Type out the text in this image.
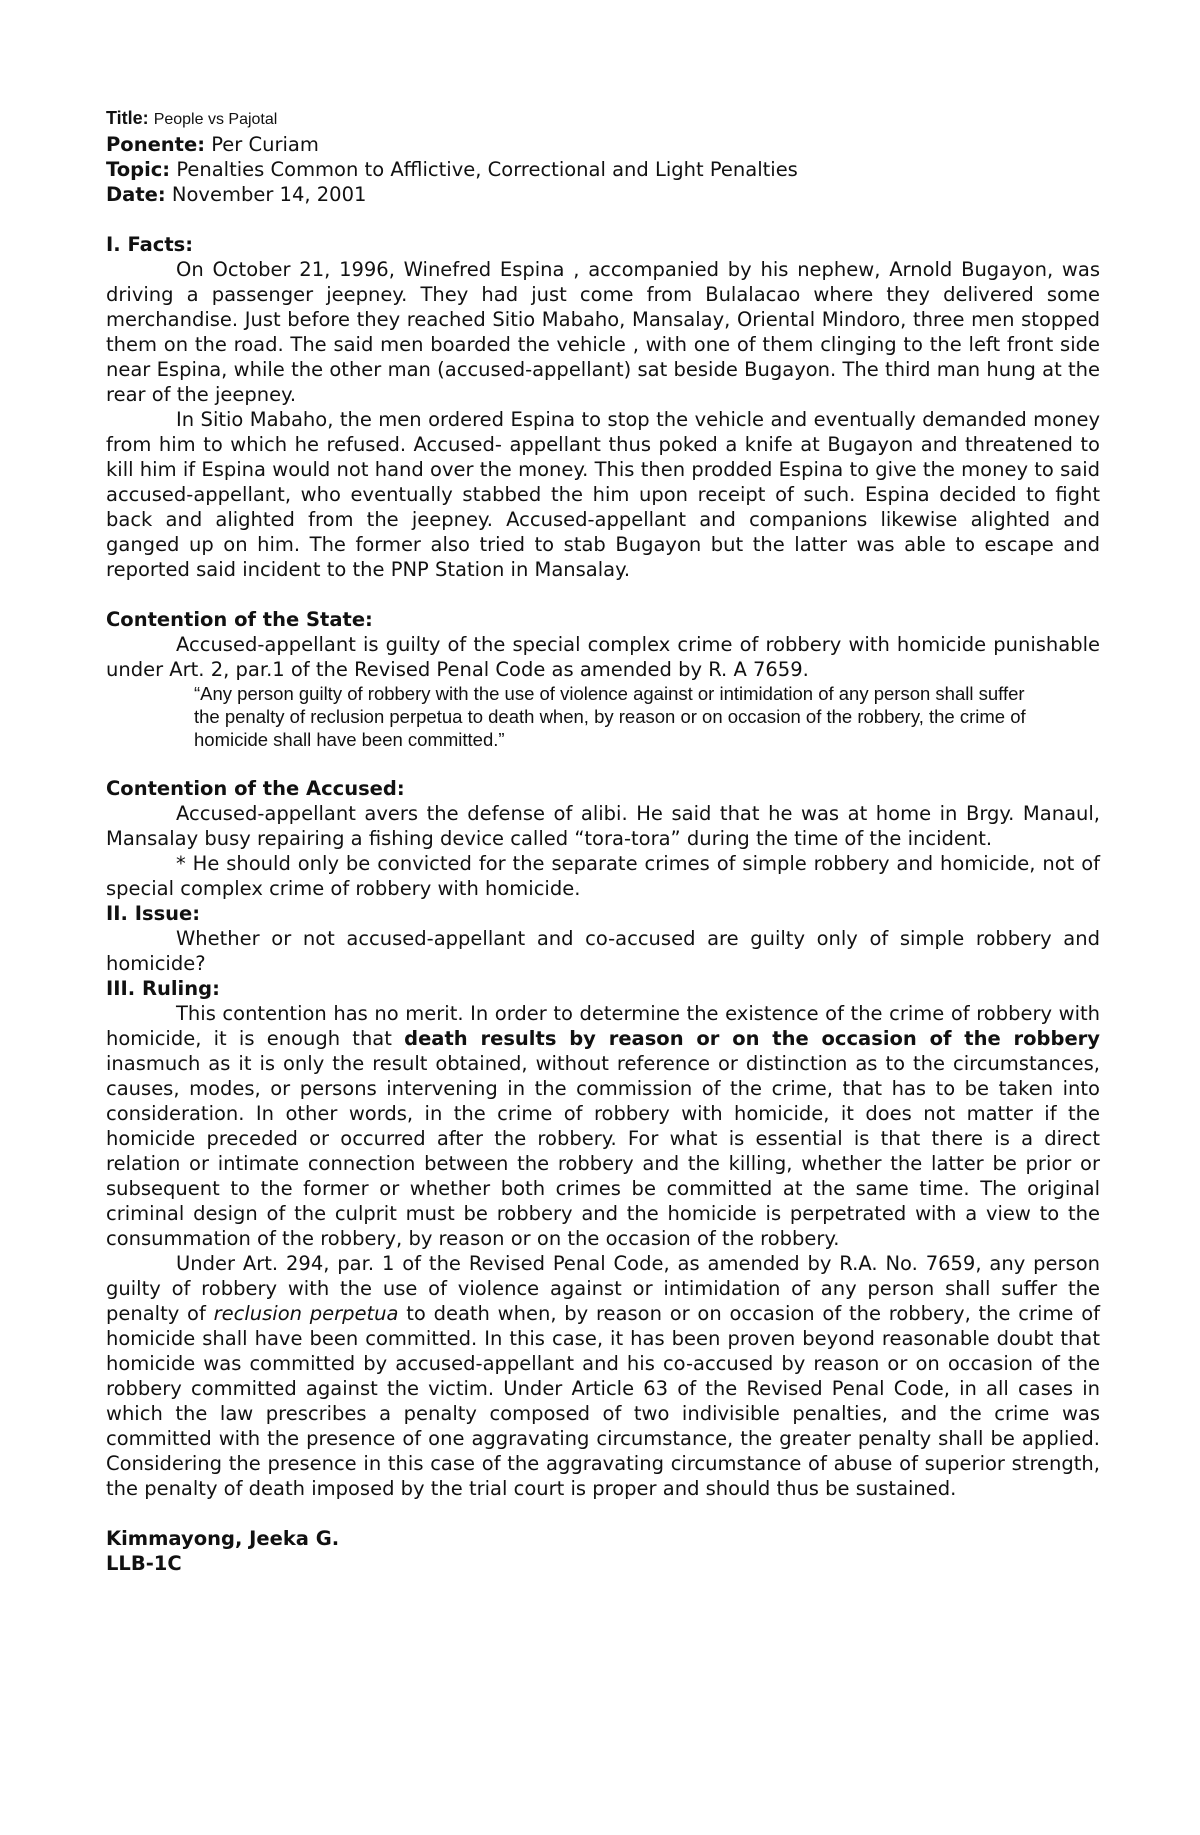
Title: People vs Pajotal

Ponente: Per Curiam

Topic: Penalties Common to Afflictive, Correctional and Light Penalties

Date: November 14, 2001

I. Facts:

On October 21, 1996, Winefred Espina , accompanied by his nephew, Arnold Bugayon, was driving a passenger jeepney. They had just come from Bulalacao where they delivered some merchandise. Just before they reached Sitio Mabaho, Mansalay, Oriental Mindoro, three men stopped them on the road. The said men boarded the vehicle , with one of them clinging to the left front side near Espina, while the other man (accused-appellant) sat beside Bugayon. The third man hung at the rear of the jeepney.

In Sitio Mabaho, the men ordered Espina to stop the vehicle and eventually demanded money from him to which he refused. Accused- appellant thus poked a knife at Bugayon and threatened to kill him if Espina would not hand over the money. This then prodded Espina to give the money to said accused-appellant, who eventually stabbed the him upon receipt of such. Espina decided to fight back and alighted from the jeepney. Accused-appellant and companions likewise alighted and ganged up on him. The former also tried to stab Bugayon but the latter was able to escape and reported said incident to the PNP Station in Mansalay.

Contention of the State:

Accused-appellant is guilty of the special complex crime of robbery with homicide punishable under Art. 2, par.1 of the Revised Penal Code as amended by R. A 7659.

“Any person guilty of robbery with the use of violence against or intimidation of any person shall suffer the penalty of reclusion perpetua to death when, by reason or on occasion of the robbery, the crime of homicide shall have been committed.”

Contention of the Accused:

Accused-appellant avers the defense of alibi. He said that he was at home in Brgy. Manaul, Mansalay busy repairing a fishing device called “tora-tora” during the time of the incident.

* He should only be convicted for the separate crimes of simple robbery and homicide, not of special complex crime of robbery with homicide.

II. Issue:

Whether or not accused-appellant and co-accused are guilty only of simple robbery and homicide?

III. Ruling:

This contention has no merit. In order to determine the existence of the crime of robbery with homicide, it is enough that death results by reason or on the occasion of the robbery inasmuch as it is only the result obtained, without reference or distinction as to the circumstances, causes, modes, or persons intervening in the commission of the crime, that has to be taken into consideration. In other words, in the crime of robbery with homicide, it does not matter if the homicide preceded or occurred after the robbery. For what is essential is that there is a direct relation or intimate connection between the robbery and the killing, whether the latter be prior or subsequent to the former or whether both crimes be committed at the same time. The original criminal design of the culprit must be robbery and the homicide is perpetrated with a view to the consummation of the robbery, by reason or on the occasion of the robbery.

Under Art. 294, par. 1 of the Revised Penal Code, as amended by R.A. No. 7659, any person guilty of robbery with the use of violence against or intimidation of any person shall suffer the penalty of reclusion perpetua to death when, by reason or on occasion of the robbery, the crime of homicide shall have been committed. In this case, it has been proven beyond reasonable doubt that homicide was committed by accused-appellant and his co-accused by reason or on occasion of the robbery committed against the victim. Under Article 63 of the Revised Penal Code, in all cases in which the law prescribes a penalty composed of two indivisible penalties, and the crime was committed with the presence of one aggravating circumstance, the greater penalty shall be applied. Considering the presence in this case of the aggravating circumstance of abuse of superior strength, the penalty of death imposed by the trial court is proper and should thus be sustained.

Kimmayong, Jeeka G.

LLB-1C
